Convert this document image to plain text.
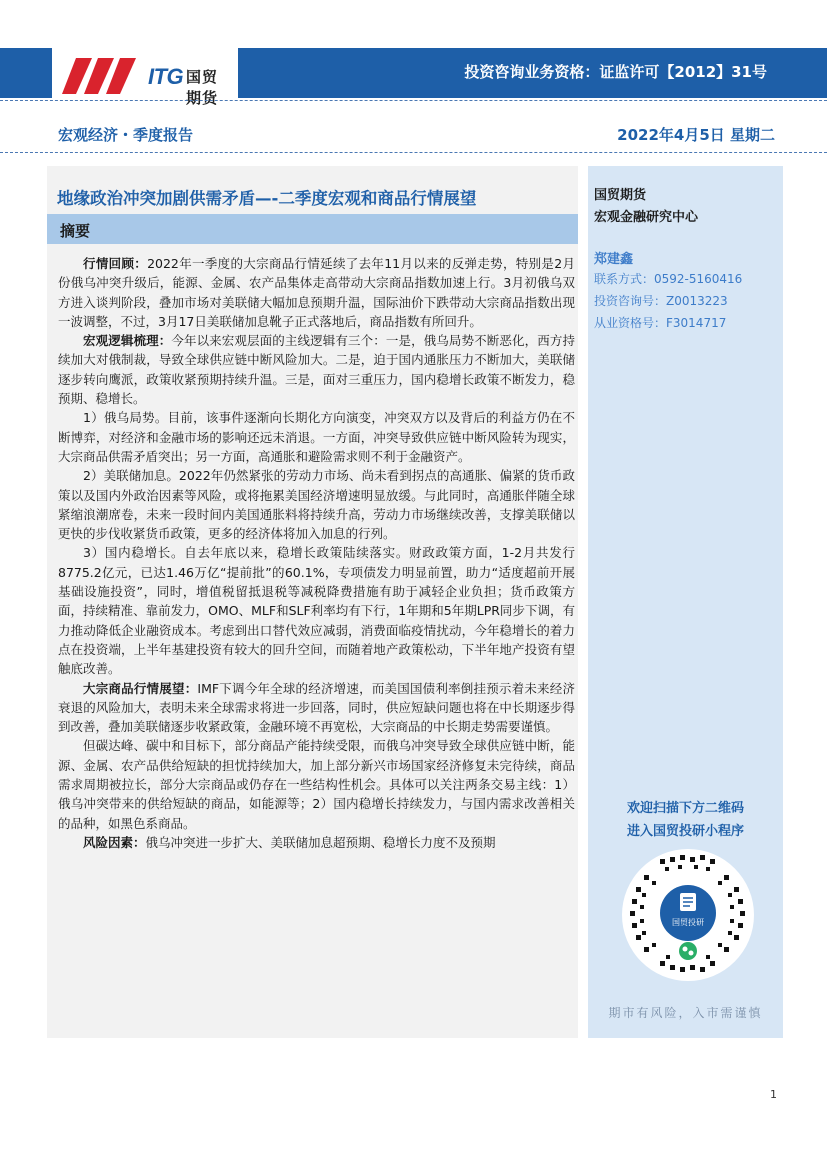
ITG 国贸期货
投资咨询业务资格：证监许可【2012】31号
宏观经济・季度报告	2022年4月5日 星期二
地缘政治冲突加剧供需矛盾—-二季度宏观和商品行情展望
摘要

行情回顾：2022年一季度的大宗商品行情延续了去年11月以来的反弹走势，特别是2月份俄乌冲突升级后，能源、金属、农产品集体走高带动大宗商品指数加速上行。3月初俄乌双方进入谈判阶段，叠加市场对美联储大幅加息预期升温，国际油价下跌带动大宗商品指数出现一波调整，不过，3月17日美联储加息靴子正式落地后，商品指数有所回升。

宏观逻辑梳理：今年以来宏观层面的主线逻辑有三个：一是，俄乌局势不断恶化，西方持续加大对俄制裁，导致全球供应链中断风险加大。二是，迫于国内通胀压力不断加大，美联储逐步转向鹰派，政策收紧预期持续升温。三是，面对三重压力，国内稳增长政策不断发力，稳预期、稳增长。

1）俄乌局势。目前，该事件逐渐向长期化方向演变，冲突双方以及背后的利益方仍在不断博弈，对经济和金融市场的影响还远未消退。一方面，冲突导致供应链中断风险转为现实，大宗商品供需矛盾突出；另一方面，高通胀和避险需求则不利于金融资产。

2）美联储加息。2022年仍然紧张的劳动力市场、尚未看到拐点的高通胀、偏紧的货币政策以及国内外政治因素等风险，或将拖累美国经济增速明显放缓。与此同时，高通胀伴随全球紧缩浪潮席卷，未来一段时间内美国通胀料将持续升高，劳动力市场继续改善，支撑美联储以更快的步伐收紧货币政策，更多的经济体将加入加息的行列。

3）国内稳增长。自去年底以来，稳增长政策陆续落实。财政政策方面，1-2月共发行8775.2亿元，已达1.46万亿“提前批”的60.1%，专项债发力明显前置，助力“适度超前开展基础设施投资”，同时，增值税留抵退税等减税降费措施有助于减轻企业负担；货币政策方面，持续精准、靠前发力，OMO、MLF和SLF利率均有下行，1年期和5年期LPR同步下调，有力推动降低企业融资成本。考虑到出口替代效应减弱，消费面临疫情扰动，今年稳增长的着力点在投资端，上半年基建投资有较大的回升空间，而随着地产政策松动，下半年地产投资有望触底改善。

大宗商品行情展望：IMF下调今年全球的经济增速，而美国国债利率倒挂预示着未来经济衰退的风险加大，表明未来全球需求将进一步回落，同时，供应短缺问题也将在中长期逐步得到改善，叠加美联储逐步收紧政策，金融环境不再宽松，大宗商品的中长期走势需要谨慎。

但碳达峰、碳中和目标下，部分商品产能持续受限，而俄乌冲突导致全球供应链中断，能源、金属、农产品供给短缺的担忧持续加大，加上部分新兴市场国家经济修复未完待续，商品需求周期被拉长，部分大宗商品或仍存在一些结构性机会。具体可以关注两条交易主线：1）俄乌冲突带来的供给短缺的商品，如能源等；2）国内稳增长持续发力，与国内需求改善相关的品种，如黑色系商品。

风险因素：俄乌冲突进一步扩大、美联储加息超预期、稳增长力度不及预期

国贸期货
宏观金融研究中心
郑建鑫
联系方式：0592-5160416
投资咨询号：Z0013223
从业资格号：F3014717
欢迎扫描下方二维码
进入国贸投研小程序
国贸投研
期市有风险，入市需谨慎
1
